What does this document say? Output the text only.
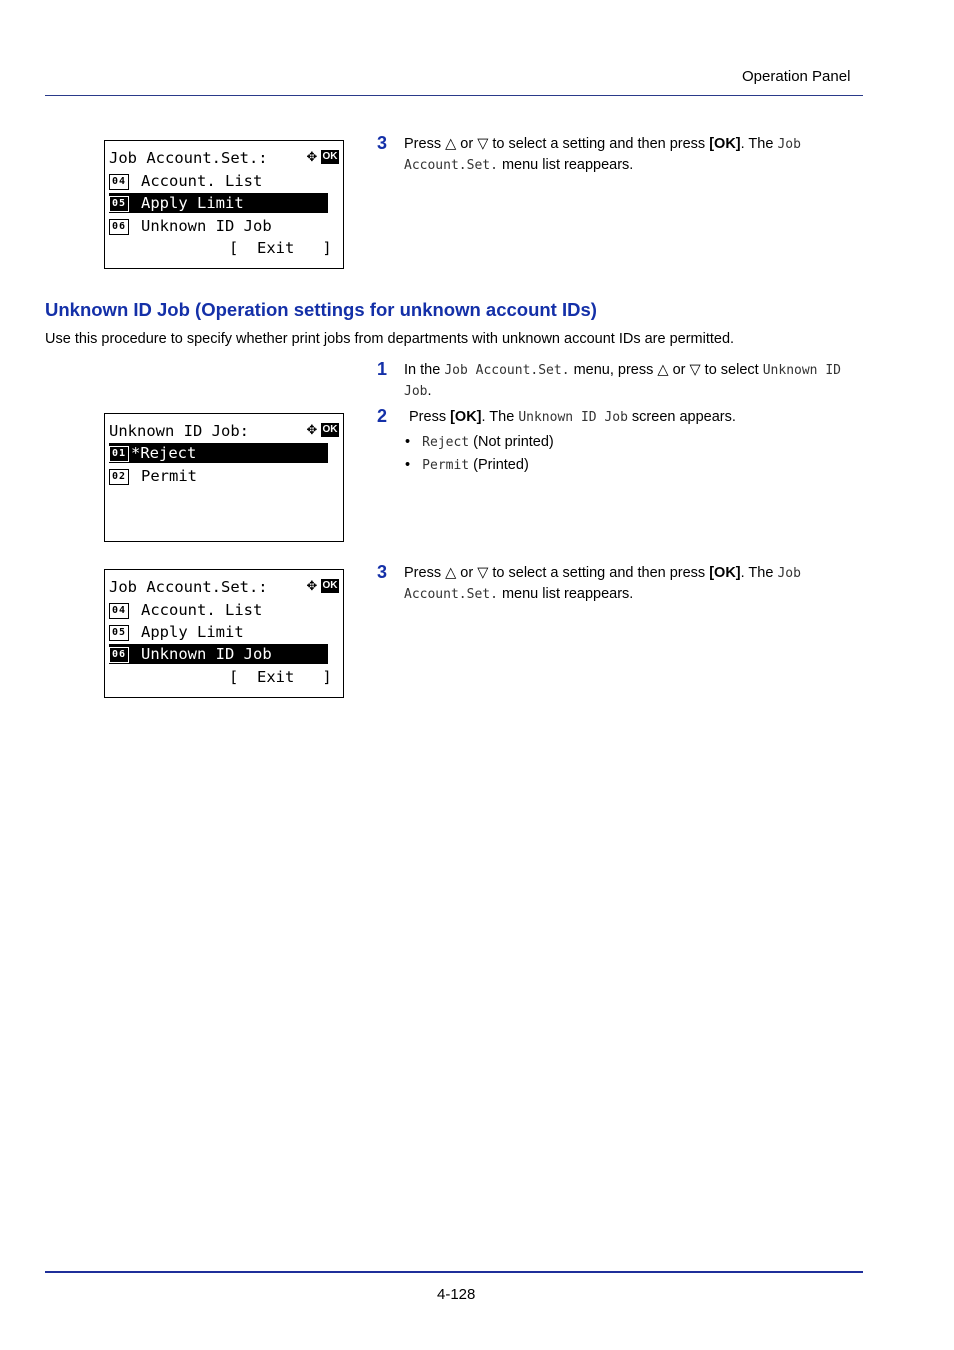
Operation Panel
Job Account.Set.: ✥ OK
04 Account. List
05 Apply Limit
06 Unknown ID Job
[  Exit   ]
3 Press △ or ▽ to select a setting and then press [OK]. The Job Account.Set. menu list reappears.
Unknown ID Job (Operation settings for unknown account IDs)
Use this procedure to specify whether print jobs from departments with unknown account IDs are permitted.
1 In the Job Account.Set. menu, press △ or ▽ to select Unknown ID Job.
Unknown ID Job:	✥ OK
01 *Reject
02 Permit
2 Press [OK]. The Unknown ID Job screen appears.
•   Reject (Not printed)
•   Permit (Printed)
Job Account.Set.: ✥ OK
04 Account. List
05 Apply Limit
06 Unknown ID Job
[  Exit   ]
3 Press △ or ▽ to select a setting and then press [OK]. The Job Account.Set. menu list reappears.
4-128
